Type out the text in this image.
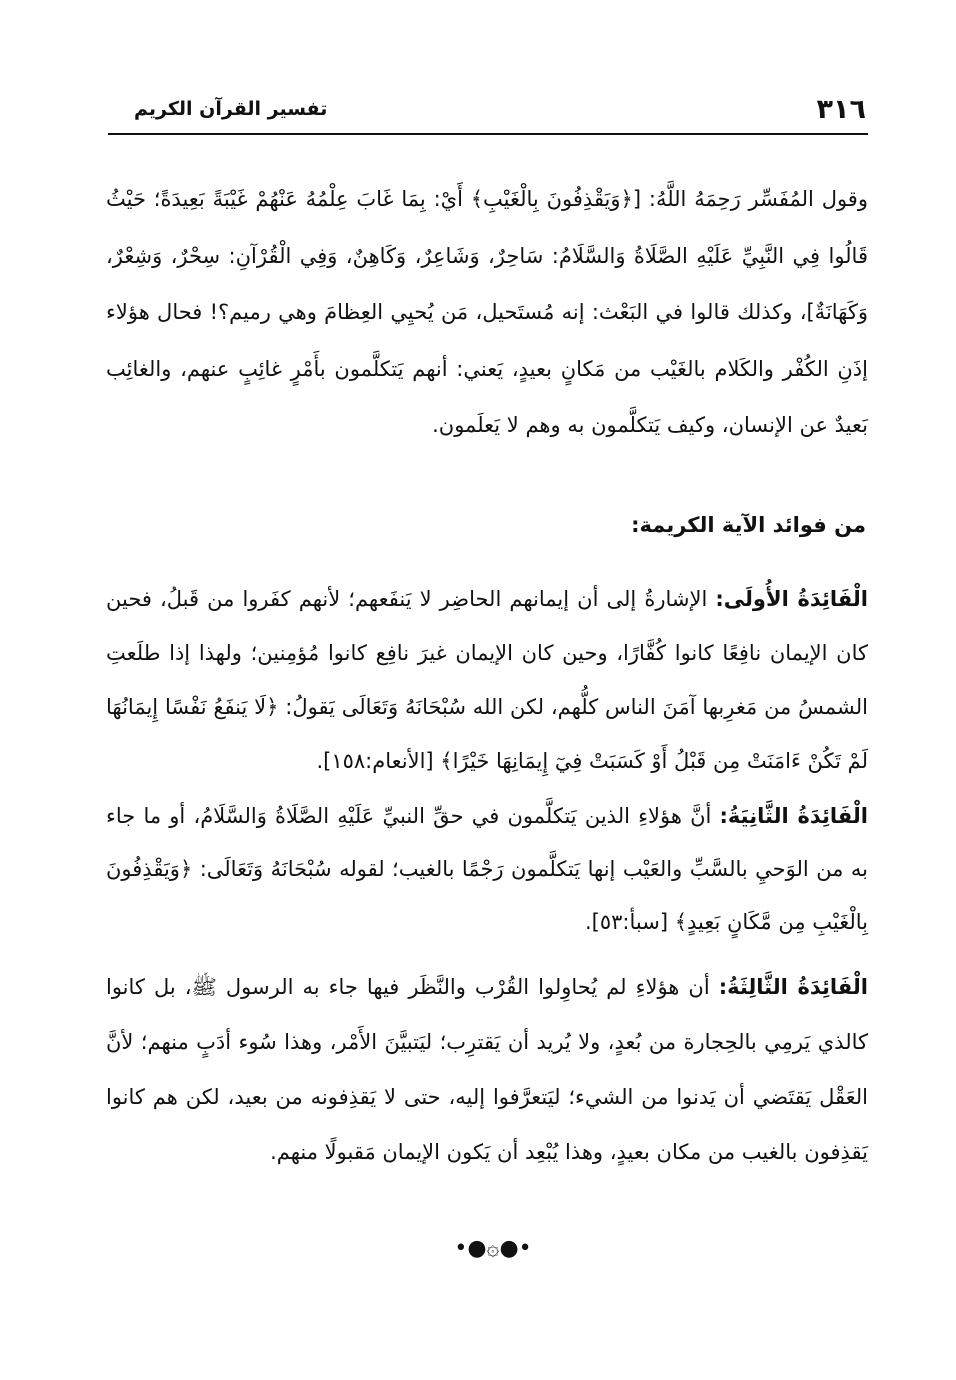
٣١٦
تفسير القرآن الكريم

وقول المُفَسِّر رَحِمَهُ اللَّهُ: [﴿وَيَقْذِفُونَ بِالْغَيْبِ﴾ أَيْ: بِمَا غَابَ عِلْمُهُ عَنْهُمْ غَيْبَةً بَعِيدَةً؛ حَيْثُ قَالُوا فِي النَّبِيِّ عَلَيْهِ الصَّلَاةُ وَالسَّلَامُ: سَاحِرٌ، وَشَاعِرٌ، وَكَاهِنٌ، وَفِي الْقُرْآنِ: سِحْرٌ، وَشِعْرٌ، وَكَهَانَةٌ]، وكذلك قالوا في البَعْث: إنه مُستَحيل، مَن يُحيِي العِظامَ وهي رميم؟! فحال هؤلاء إذَنِ الكُفْر والكَلام بالغَيْب من مَكانٍ بعيدٍ، يَعني: أنهم يَتكلَّمون بأَمْرٍ غائِبٍ عنهم، والغائِب بَعيدٌ عن الإنسان، وكيف يَتكلَّمون به وهم لا يَعلَمون.

من فوائد الآية الكريمة:

الْفَائِدَةُ الأُولَى: الإشارةُ إلى أن إيمانهم الحاضِر لا يَنفَعهم؛ لأنهم كفَروا من قَبلُ، فحين كان الإيمان نافِعًا كانوا كُفَّارًا، وحين كان الإيمان غيرَ نافِع كانوا مُؤمِنين؛ ولهذا إذا طلَعتِ الشمسُ من مَغرِبها آمَنَ الناس كلُّهم، لكن الله سُبْحَانَهُ وَتَعَالَى يَقولُ: ﴿لَا يَنفَعُ نَفْسًا إِيمَانُهَا لَمْ تَكُنْ ءَامَنَتْ مِن قَبْلُ أَوْ كَسَبَتْ فِيٓ إِيمَانِهَا خَيْرًا﴾ [الأنعام:١٥٨].

الْفَائِدَةُ الثَّانِيَةُ: أنَّ هؤلاءِ الذين يَتكلَّمون في حقِّ النبيِّ عَلَيْهِ الصَّلَاةُ وَالسَّلَامُ، أو ما جاء به من الوَحيِ بالسَّبِّ والعَيْب إنها يَتكلَّمون رَجْمًا بالغيب؛ لقوله سُبْحَانَهُ وَتَعَالَى: ﴿وَيَقْذِفُونَ بِالْغَيْبِ مِن مَّكَانٍ بَعِيدٍ﴾ [سبأ:٥٣].

الْفَائِدَةُ الثَّالِثَةُ: أن هؤلاءِ لم يُحاوِلوا القُرْب والنَّظَر فيها جاء به الرسول ﷺ، بل كانوا كالذي يَرمِي بالحِجارة من بُعدٍ، ولا يُريد أن يَقترِب؛ ليَتبيَّنَ الأَمْر، وهذا سُوء أدَبٍ منهم؛ لأنَّ العَقْل يَقتَضي أن يَدنوا من الشيء؛ ليَتعرَّفوا إليه، حتى لا يَقذِفونه من بعيد، لكن هم كانوا يَقذِفون بالغيب من مكان بعيدٍ، وهذا يُبْعِد أن يَكون الإيمان مَقبولًا منهم.

•●۞●•
